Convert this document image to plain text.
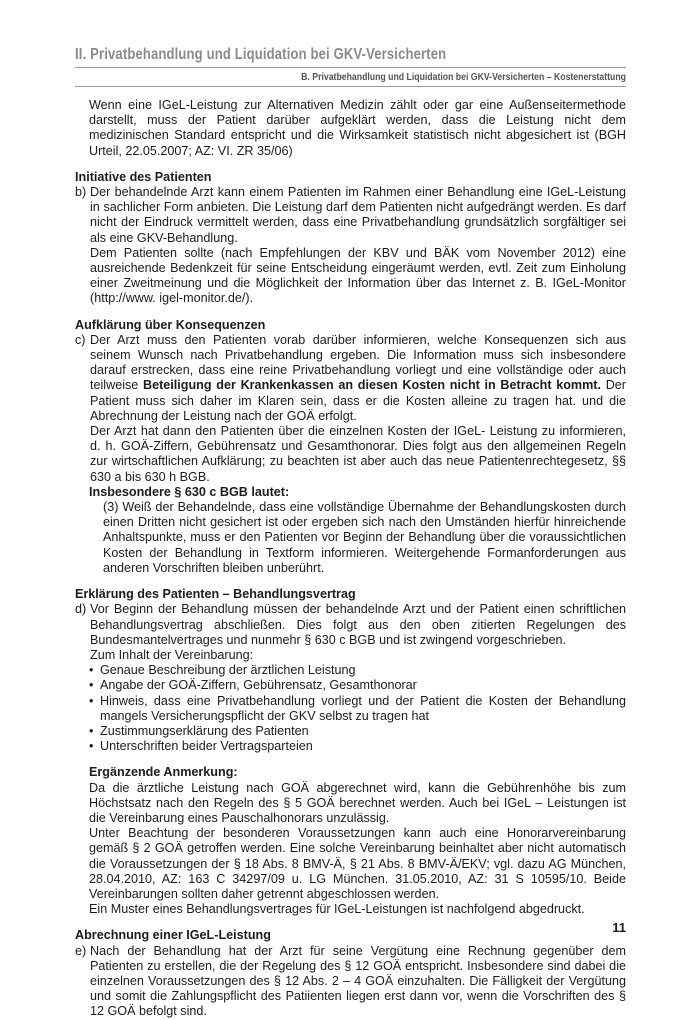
II. Privatbehandlung und Liquidation bei GKV-Versicherten
B. Privatbehandlung und Liquidation bei GKV-Versicherten – Kostenerstattung

Wenn eine IGeL-Leistung zur Alternativen Medizin zählt oder gar eine Außenseitermethode darstellt, muss der Patient darüber aufgeklärt werden, dass die Leistung nicht dem medizinischen Standard entspricht und die Wirksamkeit statistisch nicht abgesichert ist (BGH Urteil, 22.05.2007; AZ: VI. ZR 35/06)

Initiative des Patienten
b) Der behandelnde Arzt kann einem Patienten im Rahmen einer Behandlung eine IGeL-Leistung in sachlicher Form anbieten. Die Leistung darf dem Patienten nicht aufgedrängt werden. Es darf nicht der Eindruck vermittelt werden, dass eine Privatbehandlung grundsätzlich sorgfältiger sei als eine GKV-Behandlung.

Dem Patienten sollte (nach Empfehlungen der KBV und BÄK vom November 2012) eine ausreichende Bedenkzeit für seine Entscheidung eingeräumt werden, evtl. Zeit zum Einholung einer Zweitmeinung und die Möglichkeit der Information über das Internet z. B. IGeL-Monitor (http://www. igel-monitor.de/).

Aufklärung über Konsequenzen
c) Der Arzt muss den Patienten vorab darüber informieren, welche Konsequenzen sich aus seinem Wunsch nach Privatbehandlung ergeben. Die Information muss sich insbesondere darauf erstrecken, dass eine reine Privatbehandlung vorliegt und eine vollständige oder auch teilweise Beteiligung der Krankenkassen an diesen Kosten nicht in Betracht kommt. Der Patient muss sich daher im Klaren sein, dass er die Kosten alleine zu tragen hat. und die Abrechnung der Leistung nach der GOÄ erfolgt.

Der Arzt hat dann den Patienten über die einzelnen Kosten der IGeL- Leistung zu informieren, d. h. GOÄ-Ziffern, Gebührensatz und Gesamthonorar. Dies folgt aus den allgemeinen Regeln zur wirtschaftlichen Aufklärung; zu beachten ist aber auch das neue Patientenrechtegesetz, §§ 630 a bis 630 h BGB.

Insbesondere § 630 c BGB lautet:

(3) Weiß der Behandelnde, dass eine vollständige Übernahme der Behandlungskosten durch einen Dritten nicht gesichert ist oder ergeben sich nach den Umständen hierfür hinreichende Anhaltspunkte, muss er den Patienten vor Beginn der Behandlung über die voraussichtlichen Kosten der Behandlung in Textform informieren. Weitergehende Formanforderungen aus anderen Vorschriften bleiben unberührt.

Erklärung des Patienten – Behandlungsvertrag
d) Vor Beginn der Behandlung müssen der behandelnde Arzt und der Patient einen schriftlichen Behandlungsvertrag abschließen. Dies folgt aus den oben zitierten Regelungen des Bundesmantelvertrages und nunmehr § 630 c BGB und ist zwingend vorgeschrieben.

Zum Inhalt der Vereinbarung:

• Genaue Beschreibung der ärztlichen Leistung
• Angabe der GOÄ-Ziffern, Gebührensatz, Gesamthonorar
• Hinweis, dass eine Privatbehandlung vorliegt und der Patient die Kosten der Behandlung mangels Versicherungspflicht der GKV selbst zu tragen hat
• Zustimmungserklärung des Patienten
• Unterschriften beider Vertragsparteien
Ergänzende Anmerkung:

Da die ärztliche Leistung nach GOÄ abgerechnet wird, kann die Gebührenhöhe bis zum Höchstsatz nach den Regeln des § 5 GOÄ berechnet werden. Auch bei IGeL – Leistungen ist die Vereinbarung eines Pauschalhonorars unzulässig.

Unter Beachtung der besonderen Voraussetzungen kann auch eine Honorarvereinbarung gemäß § 2 GOÄ getroffen werden. Eine solche Vereinbarung beinhaltet aber nicht automatisch die Voraussetzungen der § 18 Abs. 8 BMV-Ä, § 21 Abs. 8 BMV-Ä/EKV; vgl. dazu AG München, 28.04.2010, AZ: 163 C 34297/09 u. LG München. 31.05.2010, AZ: 31 S 10595/10. Beide Vereinbarungen sollten daher getrennt abgeschlossen werden.

Ein Muster eines Behandlungsvertrages für IGeL-Leistungen ist nachfolgend abgedruckt.

Abrechnung einer IGeL-Leistung
e) Nach der Behandlung hat der Arzt für seine Vergütung eine Rechnung gegenüber dem Patienten zu erstellen, die der Regelung des § 12 GOÄ entspricht. Insbesondere sind dabei die einzelnen Voraussetzungen des § 12 Abs. 2 – 4 GOÄ einzuhalten. Die Fälligkeit der Vergütung und somit die Zahlungspflicht des Patiienten liegen erst dann vor, wenn die Vorschriften des § 12 GOÄ befolgt sind.

11
